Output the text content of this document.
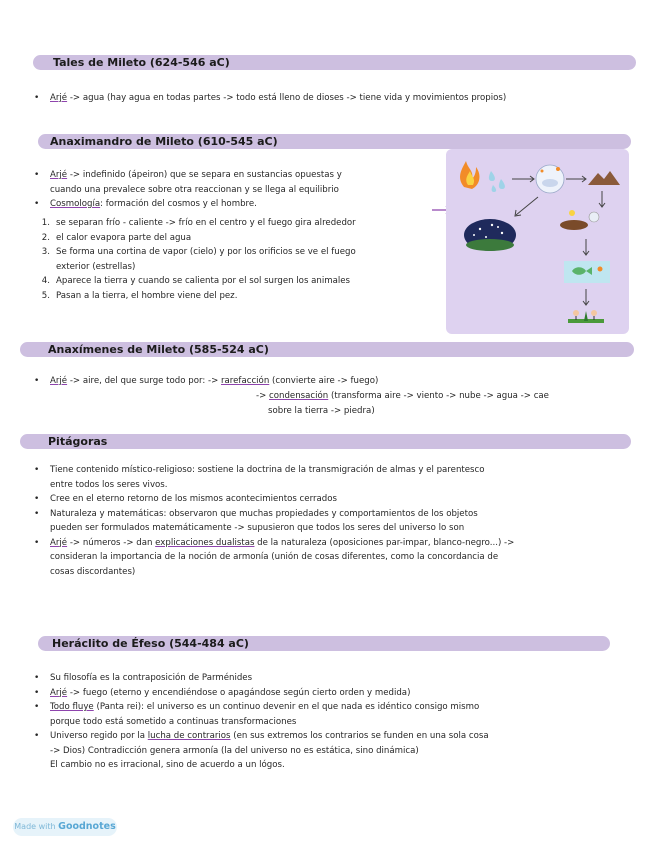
Tales de Mileto (624-546 aC)
• Arjé -> agua (hay agua en todas partes -> todo está lleno de dioses -> tiene vida y movimientos propios)
Anaximandro de Mileto (610-545 aC)
• Arjé -> indefinido (ápeiron) que se separa en sustancias opuestas y
cuando una prevalece sobre otra reaccionan y se llega al equilibrio
• Cosmología: formación del cosmos y el hombre.
1. se separan frío - caliente -> frío en el centro y el fuego gira alrededor
2. el calor evapora parte del agua
3. Se forma una cortina de vapor (cielo) y por los orificios se ve el fuego
exterior (estrellas)
4. Aparece la tierra y cuando se calienta por el sol surgen los animales
5. Pasan a la tierra, el hombre viene del pez.
Anaxímenes de Mileto (585-524 aC)
• Arjé -> aire, del que surge todo por: -> rarefacción (convierte aire -> fuego)
-> condensación (transforma aire -> viento -> nube -> agua -> cae
sobre la tierra -> piedra)
Pitágoras
• Tiene contenido místico-religioso: sostiene la doctrina de la transmigración de almas y el parentesco
entre todos los seres vivos.
• Cree en el eterno retorno de los mismos acontecimientos cerrados
• Naturaleza y matemáticas: observaron que muchas propiedades y comportamientos de los objetos
pueden ser formulados matemáticamente -> supusieron que todos los seres del universo lo son
• Arjé -> números -> dan explicaciones dualistas de la naturaleza (oposiciones par-impar, blanco-negro...) ->
consideran la importancia de la noción de armonía (unión de cosas diferentes, como la concordancia de
cosas discordantes)
Heráclito de Éfeso (544-484 aC)
• Su filosofía es la contraposición de Parménides
• Arjé -> fuego (eterno y encendiéndose o apagándose según cierto orden y medida)
• Todo fluye (Panta rei): el universo es un continuo devenir en el que nada es idéntico consigo mismo
porque todo está sometido a continuas transformaciones
• Universo regido por la lucha de contrarios (en sus extremos los contrarios se funden en una sola cosa
-> Dios) Contradicción genera armonía (la del universo no es estática, sino dinámica)
El cambio no es irracional, sino de acuerdo a un lógos.
Made with Goodnotes
